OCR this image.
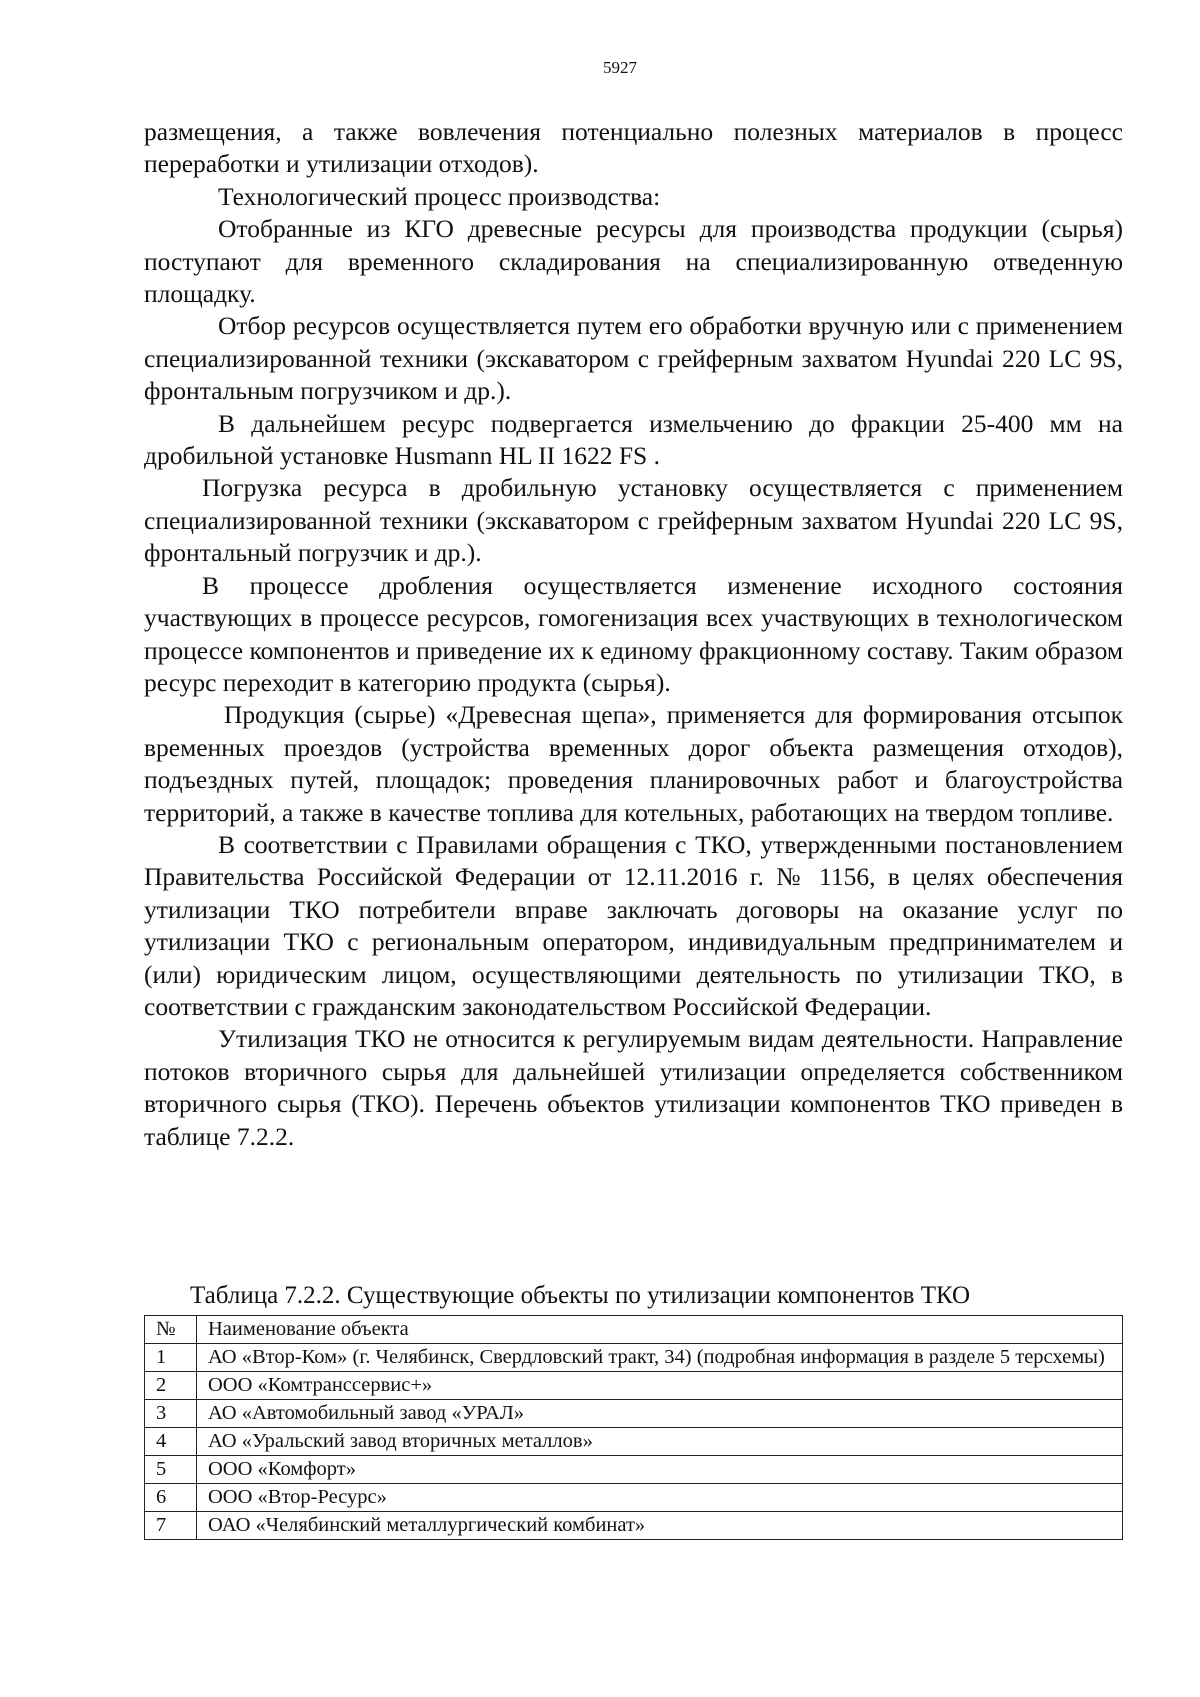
5927

размещения, а также вовлечения потенциально полезных материалов в процесс переработки и утилизации отходов).

Технологический процесс производства:

Отобранные из КГО древесные ресурсы для производства продукции (сырья) поступают для временного складирования на специализированную отведенную площадку.

Отбор ресурсов осуществляется путем его обработки вручную или с применением специализированной техники (экскаватором с грейферным захватом Hyundai 220 LC 9S, фронтальным погрузчиком и др.).

В дальнейшем ресурс подвергается измельчению до фракции 25-400 мм на дробильной установке Husmann HL II 1622 FS .

Погрузка ресурса в дробильную установку осуществляется с применением специализированной техники (экскаватором с грейферным захватом Hyundai 220 LC 9S, фронтальный погрузчик и др.).

В процессе дробления осуществляется изменение исходного состояния участвующих в процессе ресурсов, гомогенизация всех участвующих в технологическом процессе компонентов и приведение их к единому фракционному составу. Таким образом ресурс переходит в категорию продукта (сырья).

Продукция (сырье) «Древесная щепа», применяется для формирования отсыпок временных проездов (устройства временных дорог объекта размещения отходов), подъездных путей, площадок; проведения планировочных работ и благоустройства территорий, а также в качестве топлива для котельных, работающих на твердом топливе.

В соответствии с Правилами обращения с ТКО, утвержденными постановлением Правительства Российской Федерации от 12.11.2016 г. № 1156, в целях обеспечения утилизации ТКО потребители вправе заключать договоры на оказание услуг по утилизации ТКО с региональным оператором, индивидуальным предпринимателем и (или) юридическим лицом, осуществляющими деятельность по утилизации ТКО, в соответствии с гражданским законодательством Российской Федерации.

Утилизация ТКО не относится к регулируемым видам деятельности. Направление потоков вторичного сырья для дальнейшей утилизации определяется собственником вторичного сырья (ТКО). Перечень объектов утилизации компонентов ТКО приведен в таблице 7.2.2.

Таблица 7.2.2. Существующие объекты по утилизации компонентов ТКО
№	Наименование объекта
1	АО «Втор-Ком» (г. Челябинск, Свердловский тракт, 34) (подробная информация в разделе 5 терсхемы)
2	ООО «Комтранссервис+»
3	АО «Автомобильный завод «УРАЛ»
4	АО «Уральский завод вторичных металлов»
5	ООО «Комфорт»
6	ООО «Втор-Ресурс»
7	ОАО «Челябинский металлургический комбинат»
